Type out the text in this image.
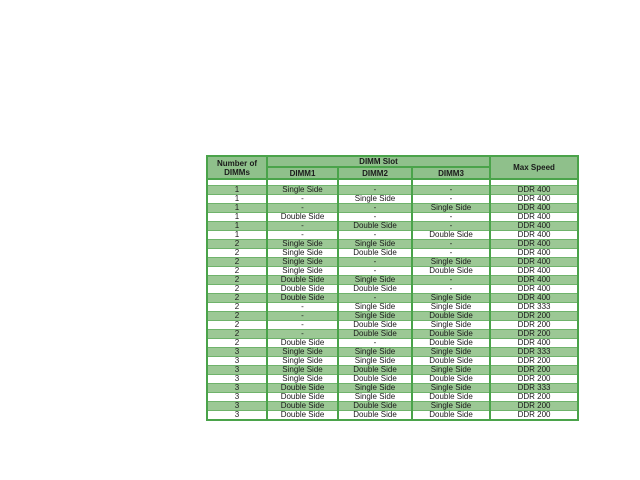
Number of DIMMs	DIMM Slot			Max Speed
	DIMM1	DIMM2	DIMM3	

1	Single Side	-	-	DDR 400
1	-	Single Side	-	DDR 400
1	-	-	Single Side	DDR 400
1	Double Side	-	-	DDR 400
1	-	Double Side	-	DDR 400
1	-	-	Double Side	DDR 400
2	Single Side	Single Side	-	DDR 400
2	Single Side	Double Side	-	DDR 400
2	Single Side	-	Single Side	DDR 400
2	Single Side	-	Double Side	DDR 400
2	Double Side	Single Side	-	DDR 400
2	Double Side	Double Side	-	DDR 400
2	Double Side	-	Single Side	DDR 400
2	-	Single Side	Single Side	DDR 333
2	-	Single Side	Double Side	DDR 200
2	-	Double Side	Single Side	DDR 200
2	-	Double Side	Double Side	DDR 200
2	Double Side	-	Double Side	DDR 400
3	Single Side	Single Side	Single Side	DDR 333
3	Single Side	Single Side	Double Side	DDR 200
3	Single Side	Double Side	Single Side	DDR 200
3	Single Side	Double Side	Double Side	DDR 200
3	Double Side	Single Side	Single Side	DDR 333
3	Double Side	Single Side	Double Side	DDR 200
3	Double Side	Double Side	Single Side	DDR 200
3	Double Side	Double Side	Double Side	DDR 200
